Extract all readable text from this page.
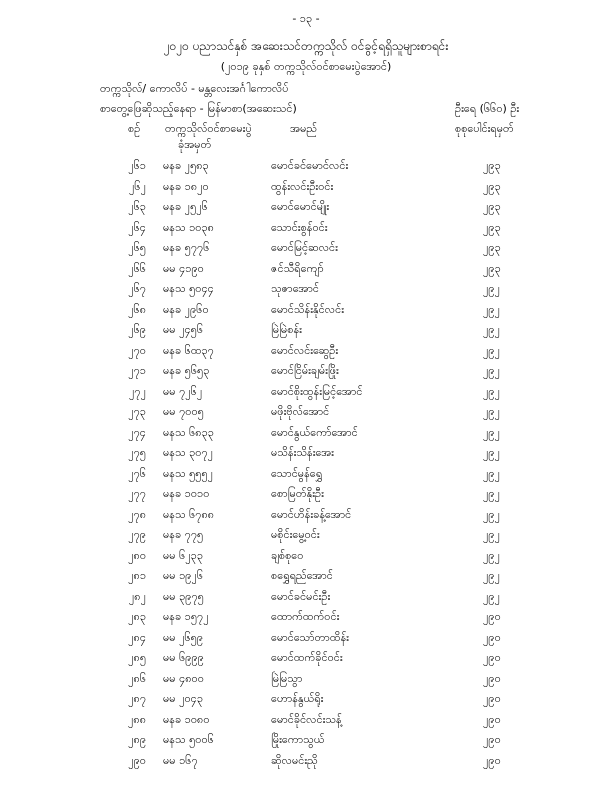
- ၁၃ -
၂၀၂၀ ပညာသင်နှစ် အဆေးသင်တက္ကသိုလ် ဝင်ခွင့်ရရှိသူများစာရင်း
(၂၀၁၉ ခုနှစ် တက္ကသိုလ်ဝင်စာမေးပွဲအောင်)
တက္ကသိုလ်/ ကောလိပ် - မန္တလေးအင်္ဂါကောလိပ်
စာတွေ့ဖြေဆိုသည့်နေရာ - မြန်မာစာ(အဆေးသင်)	ဦးရေ (၆၆၀) ဦး
စဉ် တက္ကသိုလ်ဝင်စာမေးပွဲ
ခုံအမှတ်
အမည်	စုစုပေါင်းရမှတ်
၂၆၁ မနခ ၂၅၈၃	မောင်ခင်မောင်လင်း	၂၉၃
၂၆၂ မနခ ၁၈၂၀	ထွန်းလင်းဦးဝင်း	၂၉၃
၂၆၃ မနခ ၂၅၂၆	မောင်မောင်မျိုး	၂၉၃
၂၆၄ မနသ ၁၀၃၈	သောင်းစွန်ဝင်း	၂၉၃
၂၆၅ မနခ ၅၇၇၆	မောင်မြင့်ဆလင်း	၂၉၃
၂၆၆ မမ ၄၁၉၀	ဇင်သီရိကျော်	၂၉၃
၂၆၇ မနသ ၅၀၄၄	သုဇာအောင်	၂၉၂
၂၆၈ မနခ ၂၉၆၀	မောင်သိန်းနိုင်လင်း	၂၉၂
၂၆၉ မမ ၂၄၅၆	မြဲမြဲစန်း	၂၉၂
၂၇၀ မနခ ၆ထ၃၇	မောင်လင်းဆွေဦး	၂၉၂
၂၇၁ မနခ ၅၆၅၃	မောင်ငြိမ်းချမ်းဖြိုး	၂၉၂
၂၇၂ မမ ၇၂၆၂	မောင်စိုးထွန်းမြင့်အောင်	၂၉၂
၂၇၃ မမ ၇၀၀၅	မဖိုးဗိုလ်အောင်	၂၉၂
၂၇၄ မနသ ၆၈၃၃	မောင်နွယ်ကော်အောင်	၂၉၂
၂၇၅ မနသ ၃၀၇၂	မသိန်းသိန်းအေး	၂၉၂
၂၇၆ မနသ ၅၅၅၂	သောင်မွန်ရွှေ	၂၉၂
၂၇၇ မနခ ၁၀၁၀	စောမြတ်နိုးဦး	၂၉၂
၂၇၈ မနသ ၆၇၈၈	မောင်ဟိန်းခန့်အောင်	၂၉၂
၂၇၉ မနခ ၇၇၅	မစိုင်းမွေ့ဝင်း	၂၉၂
၂၈၀ မမ ၆၂၃၃	ချစ်စုဝေ	၂၉၂
၂၈၁ မမ ၁၉၂၆	စရွှေရည်အောင်	၂၉၂
၂၈၂ မမ ၃၉၇၅	မောင်ခင်မင်းဦး	၂၉၂
၂၈၃ မနခ ၁၅၇၂	ထောက်ထက်ဝင်း	၂၉၀
၂၈၄ မမ ၂၆၅၉	မောင်သော်တာထိန်း	၂၉၀
၂၈၅ မမ ၆၉၉၉	မောင်ထက်ခိုင်ဝင်း	၂၉၀
၂၈၆ မမ ၄၈၀၀	မြဲမြသွာ	၂၉၀
၂၈၇ မမ ၂၀၄၃	ဟောန်နွယ်ရိုး	၂၉၀
၂၈၈ မနခ ၁၀၈၀	မောင်ခိုင်လင်းသန့်	၂၉၀
၂၈၉ မနသ ၅၀၀၆	မြိုးကောသွယ်	၂၉၀
၂၉၀ မမ ၁၆၇	ဆိုလမင်းညို	၂၉၀
